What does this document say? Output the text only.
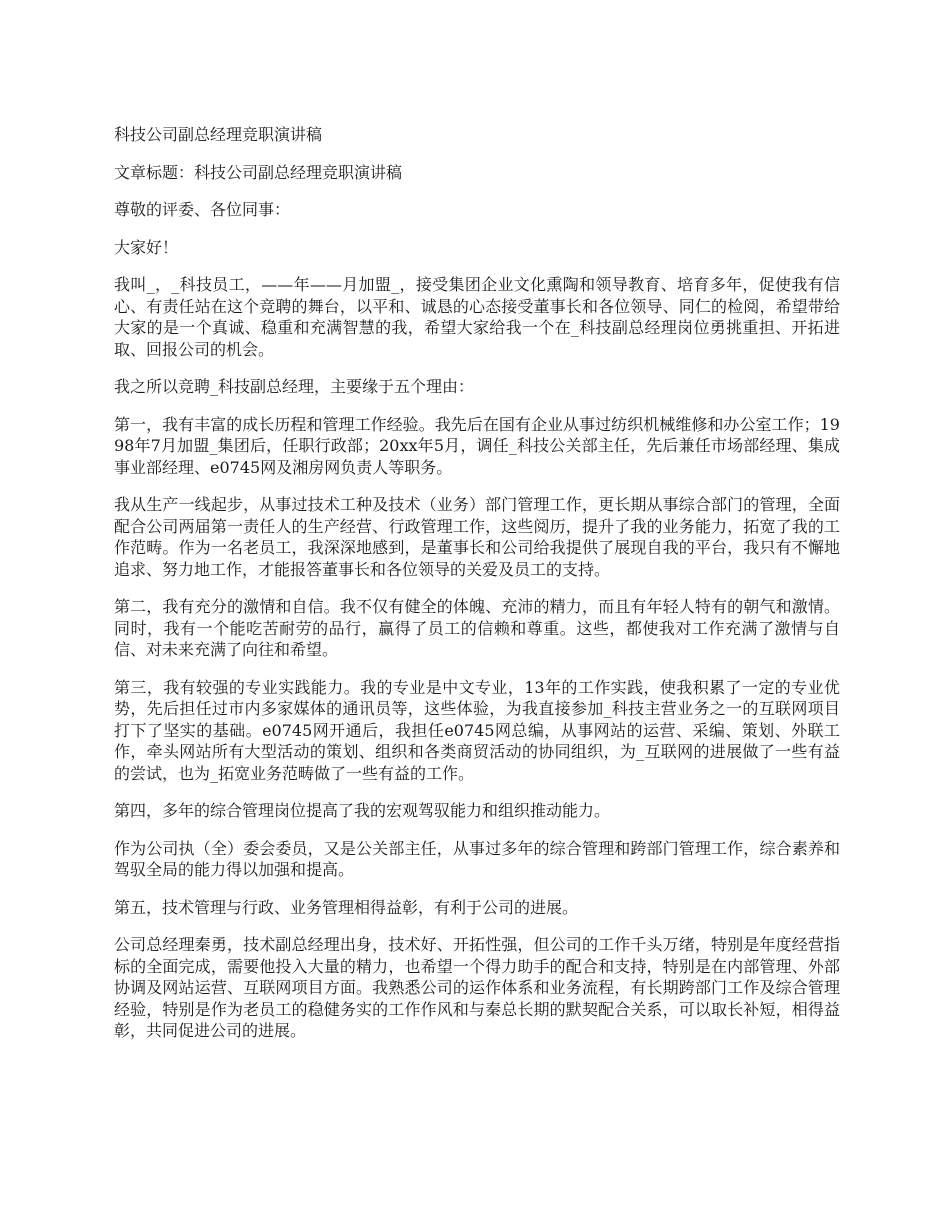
科技公司副总经理竞职演讲稿

文章标题：科技公司副总经理竞职演讲稿

尊敬的评委、各位同事：

大家好！

我叫_，_科技员工，——年——月加盟_，接受集团企业文化熏陶和领导教育、培育多年，促使我有信心、有责任站在这个竞聘的舞台，以平和、诚恳的心态接受董事长和各位领导、同仁的检阅，希望带给大家的是一个真诚、稳重和充满智慧的我，希望大家给我一个在_科技副总经理岗位勇挑重担、开拓进取、回报公司的机会。

我之所以竞聘_科技副总经理，主要缘于五个理由：

第一，我有丰富的成长历程和管理工作经验。我先后在国有企业从事过纺织机械维修和办公室工作；1998年7月加盟_集团后，任职行政部；20xx年5月，调任_科技公关部主任，先后兼任市场部经理、集成事业部经理、e0745网及湘房网负责人等职务。

我从生产一线起步，从事过技术工种及技术（业务）部门管理工作，更长期从事综合部门的管理，全面配合公司两届第一责任人的生产经营、行政管理工作，这些阅历，提升了我的业务能力，拓宽了我的工作范畴。作为一名老员工，我深深地感到，是董事长和公司给我提供了展现自我的平台，我只有不懈地追求、努力地工作，才能报答董事长和各位领导的关爱及员工的支持。

第二，我有充分的激情和自信。我不仅有健全的体魄、充沛的精力，而且有年轻人特有的朝气和激情。同时，我有一个能吃苦耐劳的品行，赢得了员工的信赖和尊重。这些，都使我对工作充满了激情与自信、对未来充满了向往和希望。

第三，我有较强的专业实践能力。我的专业是中文专业，13年的工作实践，使我积累了一定的专业优势，先后担任过市内多家媒体的通讯员等，这些体验，为我直接参加_科技主营业务之一的互联网项目打下了坚实的基础。e0745网开通后，我担任e0745网总编，从事网站的运营、采编、策划、外联工作，牵头网站所有大型活动的策划、组织和各类商贸活动的协同组织，为_互联网的进展做了一些有益的尝试，也为_拓宽业务范畴做了一些有益的工作。

第四，多年的综合管理岗位提高了我的宏观驾驭能力和组织推动能力。

作为公司执（全）委会委员，又是公关部主任，从事过多年的综合管理和跨部门管理工作，综合素养和驾驭全局的能力得以加强和提高。

第五，技术管理与行政、业务管理相得益彰，有利于公司的进展。

公司总经理秦勇，技术副总经理出身，技术好、开拓性强，但公司的工作千头万绪，特别是年度经营指标的全面完成，需要他投入大量的精力，也希望一个得力助手的配合和支持，特别是在内部管理、外部协调及网站运营、互联网项目方面。我熟悉公司的运作体系和业务流程，有长期跨部门工作及综合管理经验，特别是作为老员工的稳健务实的工作作风和与秦总长期的默契配合关系，可以取长补短，相得益彰，共同促进公司的进展。
